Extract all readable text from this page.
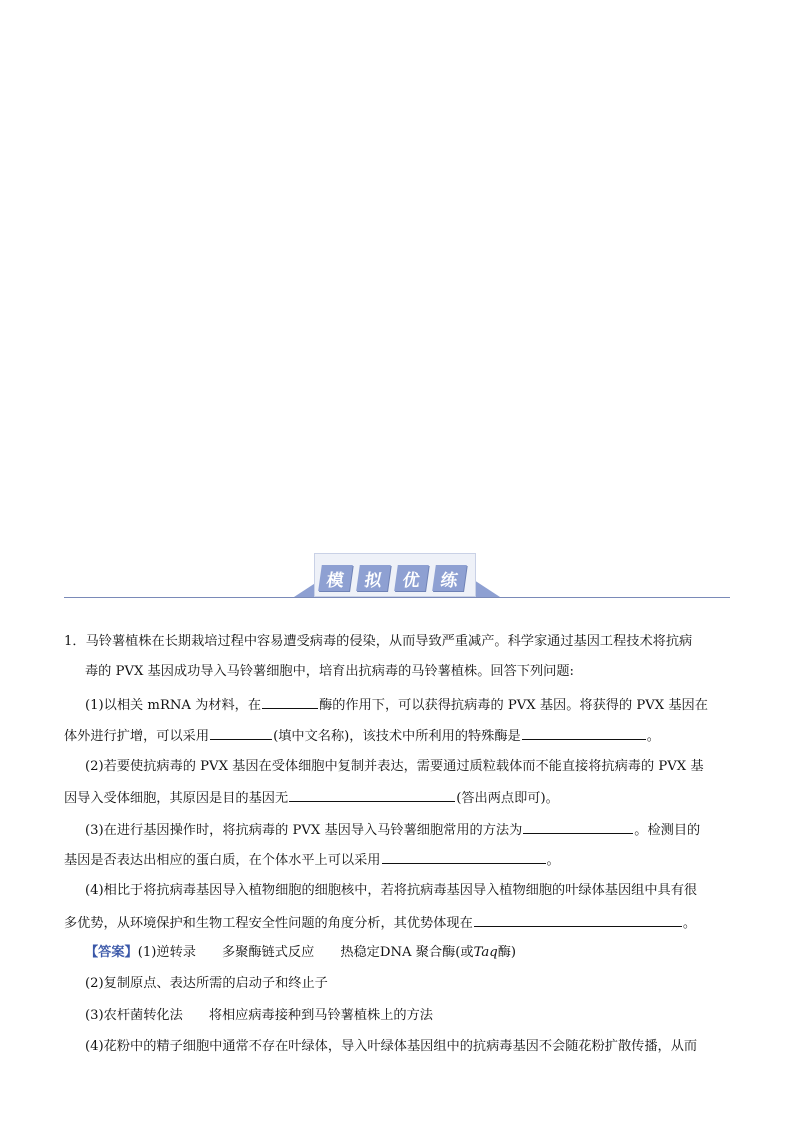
模	拟	优	练
1．马铃薯植株在长期栽培过程中容易遭受病毒的侵染，从而导致严重减产。科学家通过基因工程技术将抗病
毒的 PVX 基因成功导入马铃薯细胞中，培育出抗病毒的马铃薯植株。回答下列问题:
(1)以相关 mRNA 为材料，在	酶的作用下，可以获得抗病毒的 PVX 基因。将获得的 PVX 基因在
体外进行扩增，可以采用	(填中文名称)，该技术中所利用的特殊酶是	。
(2)若要使抗病毒的 PVX 基因在受体细胞中复制并表达，需要通过质粒载体而不能直接将抗病毒的 PVX 基
因导入受体细胞，其原因是目的基因无	(答出两点即可)。
(3)在进行基因操作时，将抗病毒的 PVX 基因导入马铃薯细胞常用的方法为	。检测目的
基因是否表达出相应的蛋白质，在个体水平上可以采用	。
(4)相比于将抗病毒基因导入植物细胞的细胞核中，若将抗病毒基因导入植物细胞的叶绿体基因组中具有很
多优势，从环境保护和生物工程安全性问题的角度分析，其优势体现在	。
【答案】(1)逆转录 多聚酶链式反应 热稳定DNA 聚合酶(或Taq酶)
(2)复制原点、表达所需的启动子和终止子
(3)农杆菌转化法 将相应病毒接种到马铃薯植株上的方法
(4)花粉中的精子细胞中通常不存在叶绿体，导入叶绿体基因组中的抗病毒基因不会随花粉扩散传播，从而
